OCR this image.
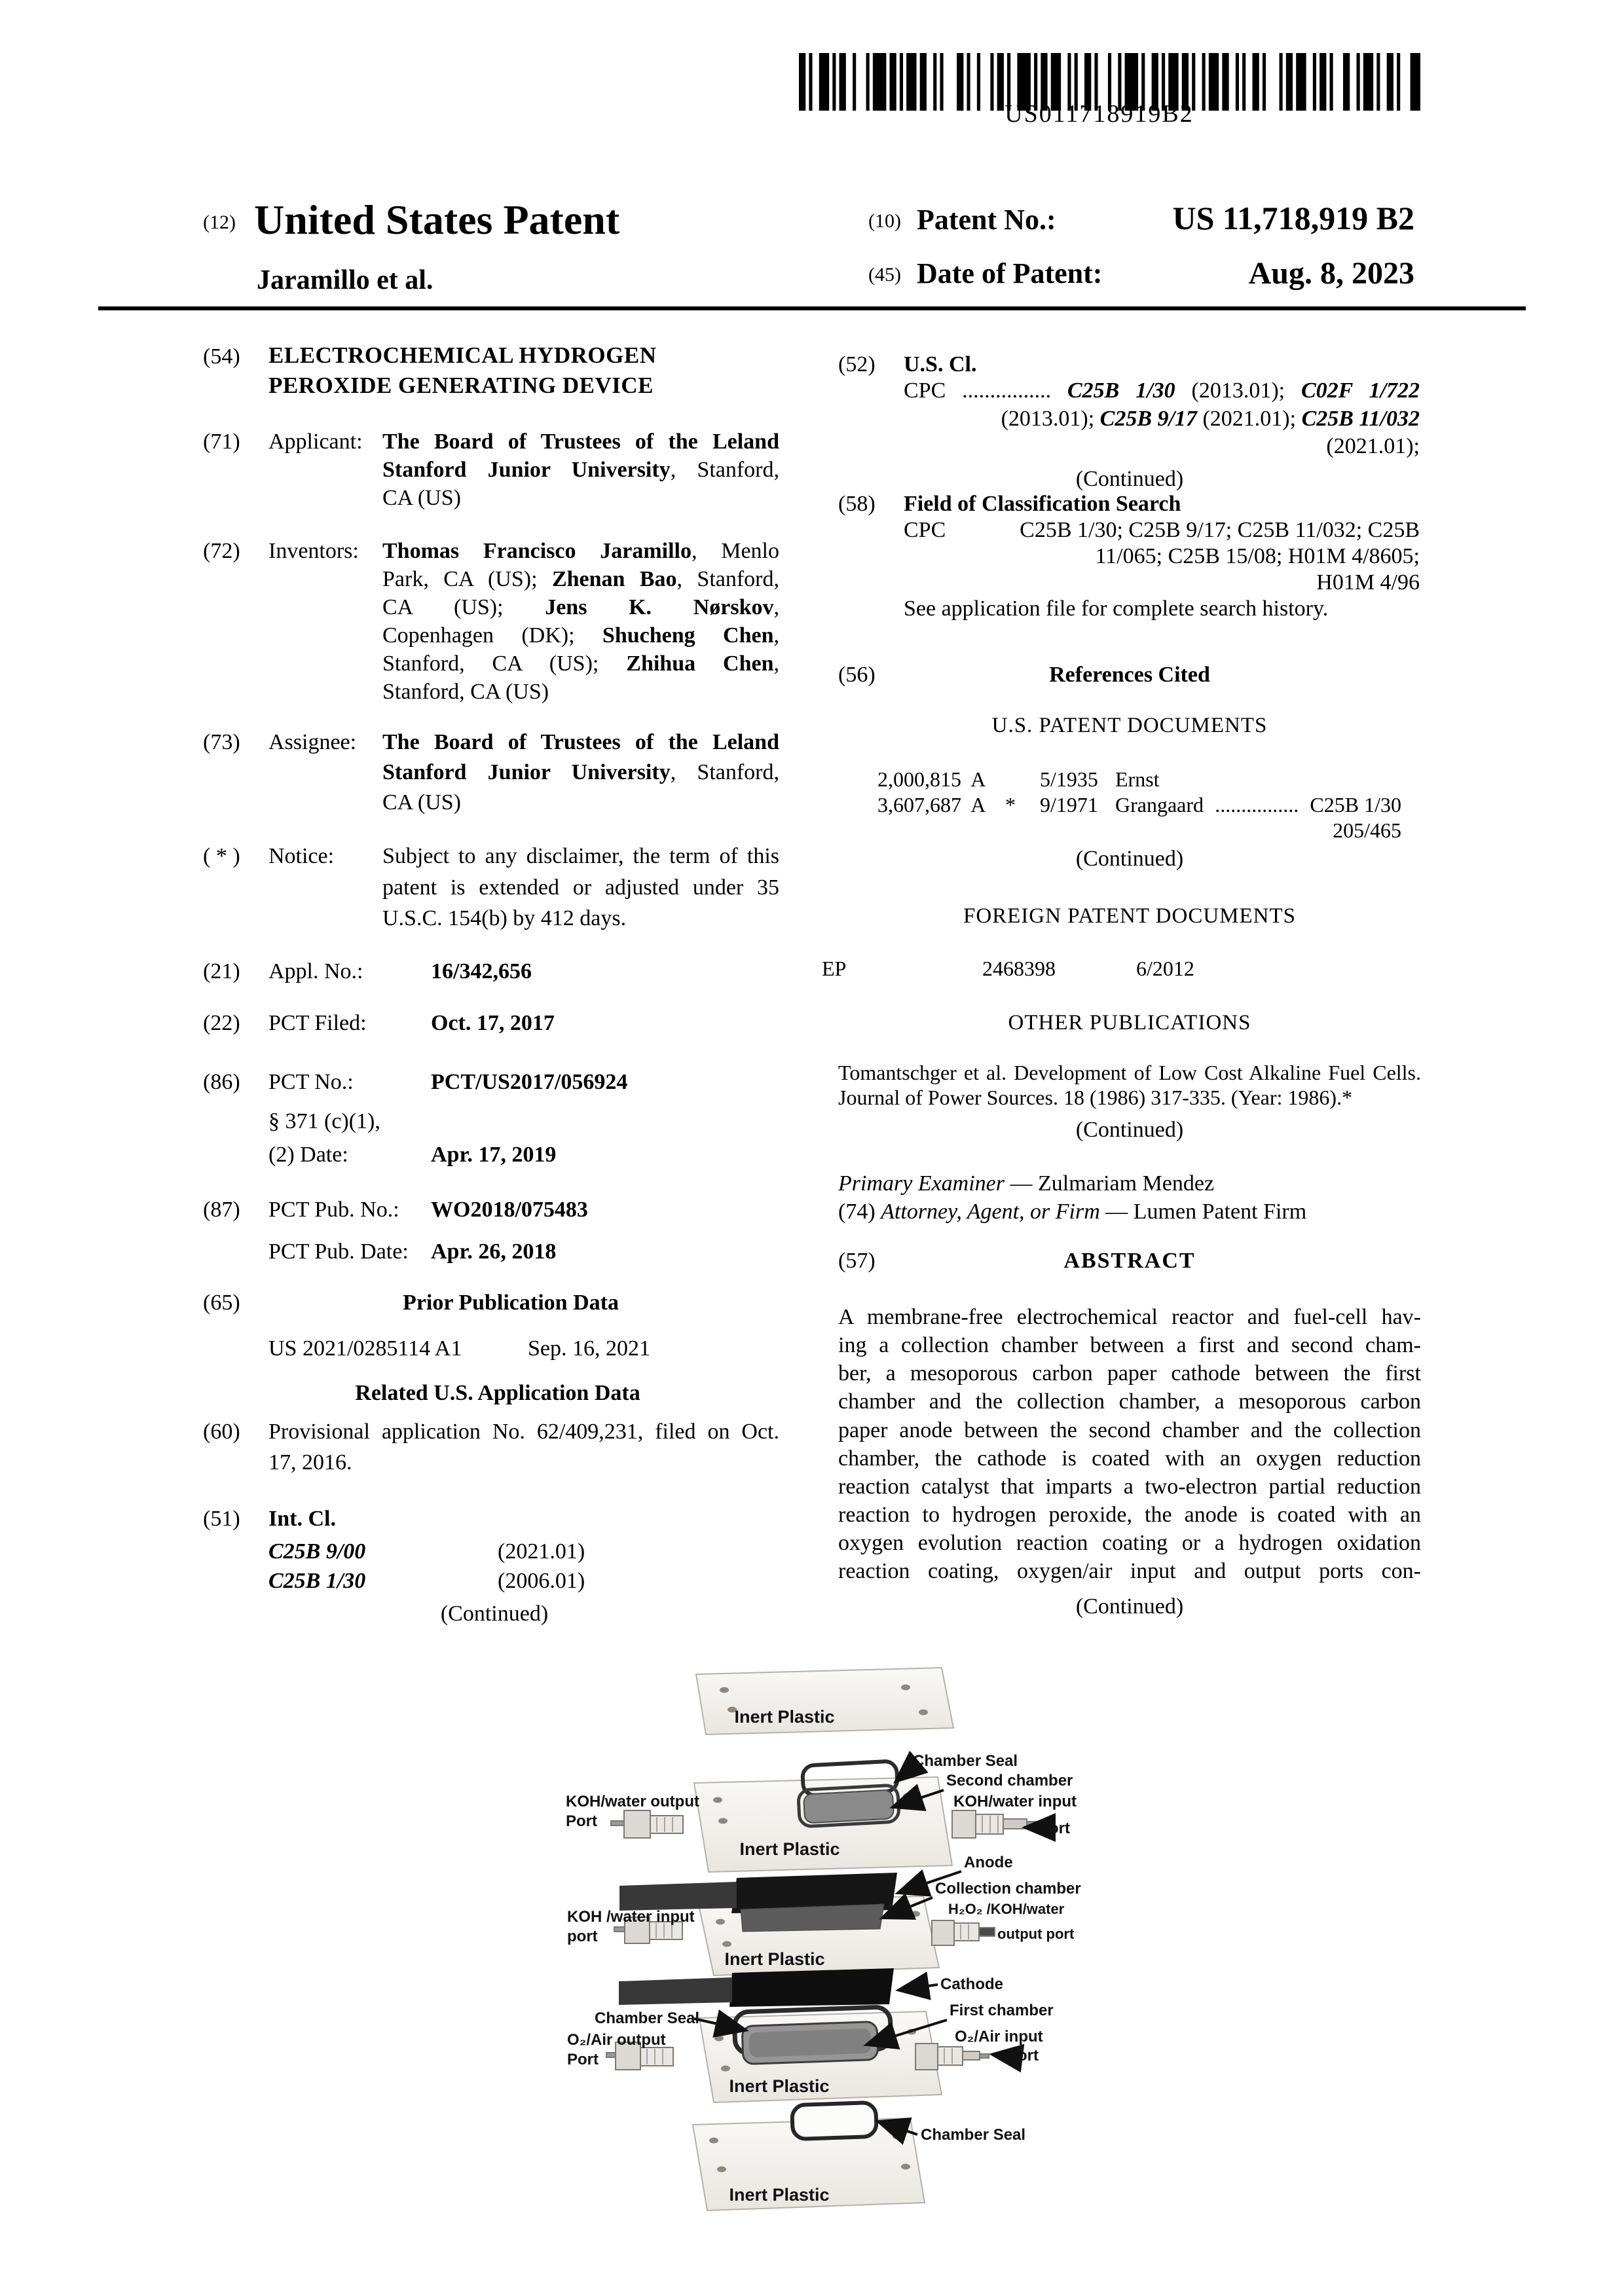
US011718919B2
(12) United States Patent
Jaramillo et al.
(10) Patent No.:	US 11,718,919 B2
(45) Date of Patent:	Aug. 8, 2023
(54) ELECTROCHEMICAL HYDROGEN
PEROXIDE GENERATING DEVICE
(71) Applicant: The Board of Trustees of the Leland
Stanford Junior University, Stanford,
CA (US)
(72) Inventors: Thomas Francisco Jaramillo, Menlo
Park, CA (US); Zhenan Bao, Stanford,
CA (US); Jens K. Nørskov,
Copenhagen (DK); Shucheng Chen,
Stanford, CA (US); Zhihua Chen,
Stanford, CA (US)
(73) Assignee: The Board of Trustees of the Leland
Stanford Junior University, Stanford,
CA (US)
( * ) Notice: Subject to any disclaimer, the term of this
patent is extended or adjusted under 35
U.S.C. 154(b) by 412 days.
(21) Appl. No.:	16/342,656
(22) PCT Filed:	Oct. 17, 2017
(86) PCT No.:	PCT/US2017/056924
§ 371 (c)(1),
(2) Date:	Apr. 17, 2019
(87) PCT Pub. No.: WO2018/075483
PCT Pub. Date: Apr. 26, 2018
(65)	Prior Publication Data
US 2021/0285114 A1	Sep. 16, 2021
Related U.S. Application Data
(60) Provisional application No. 62/409,231, filed on Oct.
17, 2016.
(51) Int. Cl.
C25B 9/00	(2021.01)
C25B 1/30	(2006.01)
(Continued)
(52) U.S. Cl.
CPC ................ C25B 1/30 (2013.01); C02F 1/722
(2013.01); C25B 9/17 (2021.01); C25B 11/032
(2021.01);
(Continued)
(58) Field of Classification Search
CPC	C25B 1/30; C25B 9/17; C25B 11/032; C25B
11/065; C25B 15/08; H01M 4/8605;
H01M 4/96
See application file for complete search history.
(56)	References Cited
U.S. PATENT DOCUMENTS
2,000,815  A	5/1935 Ernst
3,607,687  A * 9/1971 Grangaard ................ C25B 1/30
205/465
(Continued)
FOREIGN PATENT DOCUMENTS
EP	2468398	6/2012
OTHER PUBLICATIONS
Tomantschger et al. Development of Low Cost Alkaline Fuel Cells.
Journal of Power Sources. 18 (1986) 317-335. (Year: 1986).*
(Continued)
Primary Examiner — Zulmariam Mendez
(74) Attorney, Agent, or Firm — Lumen Patent Firm
(57)	ABSTRACT
A membrane-free electrochemical reactor and fuel-cell hav-
ing a collection chamber between a first and second cham-
ber, a mesoporous carbon paper cathode between the first
chamber and the collection chamber, a mesoporous carbon
paper anode between the second chamber and the collection
chamber, the cathode is coated with an oxygen reduction
reaction catalyst that imparts a two-electron partial reduction
reaction to hydrogen peroxide, the anode is coated with an
oxygen evolution reaction coating or a hydrogen oxidation
reaction coating, oxygen/air input and output ports con-
(Continued)

Inert Plastic
Chamber Seal
Second chamber
KOH/water output
Port
KOH/water input
Port
Inert Plastic
Anode
Collection chamber
KOH /water input
port
H₂O₂ /KOH/water
output port
Inert Plastic
Cathode
Chamber Seal	First chamber
O₂/Air output
Port
O₂/Air input
Port
Inert Plastic
Chamber Seal
Inert Plastic
